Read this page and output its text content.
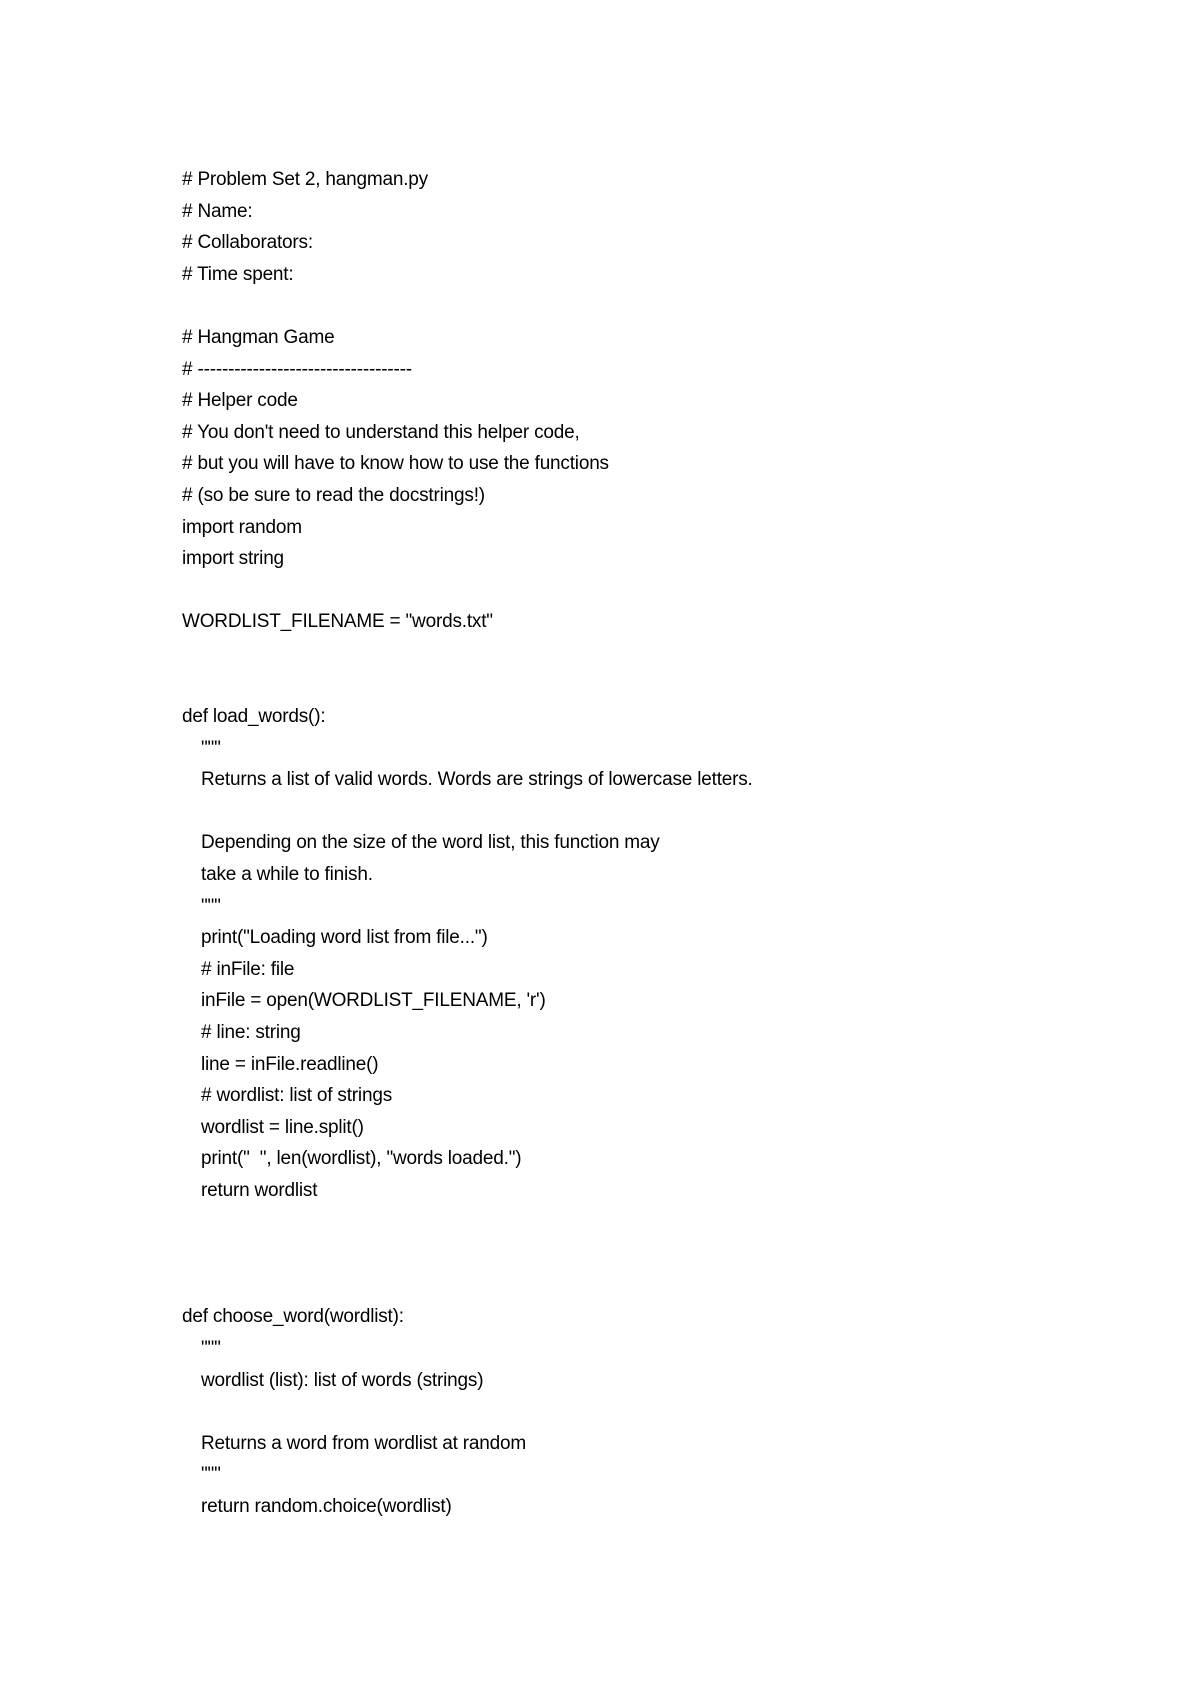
# Problem Set 2, hangman.py
# Name:
# Collaborators:
# Time spent:
# Hangman Game
# -----------------------------------
# Helper code
# You don't need to understand this helper code,
# but you will have to know how to use the functions
# (so be sure to read the docstrings!)
import random
import string
WORDLIST_FILENAME = "words.txt"
def load_words():
"""
Returns a list of valid words. Words are strings of lowercase letters.
Depending on the size of the word list, this function may
take a while to finish.
"""
print("Loading word list from file...")
# inFile: file
inFile = open(WORDLIST_FILENAME, 'r')
# line: string
line = inFile.readline()
# wordlist: list of strings
wordlist = line.split()
print("  ", len(wordlist), "words loaded.")
return wordlist
def choose_word(wordlist):
"""
wordlist (list): list of words (strings)
Returns a word from wordlist at random
"""
return random.choice(wordlist)
